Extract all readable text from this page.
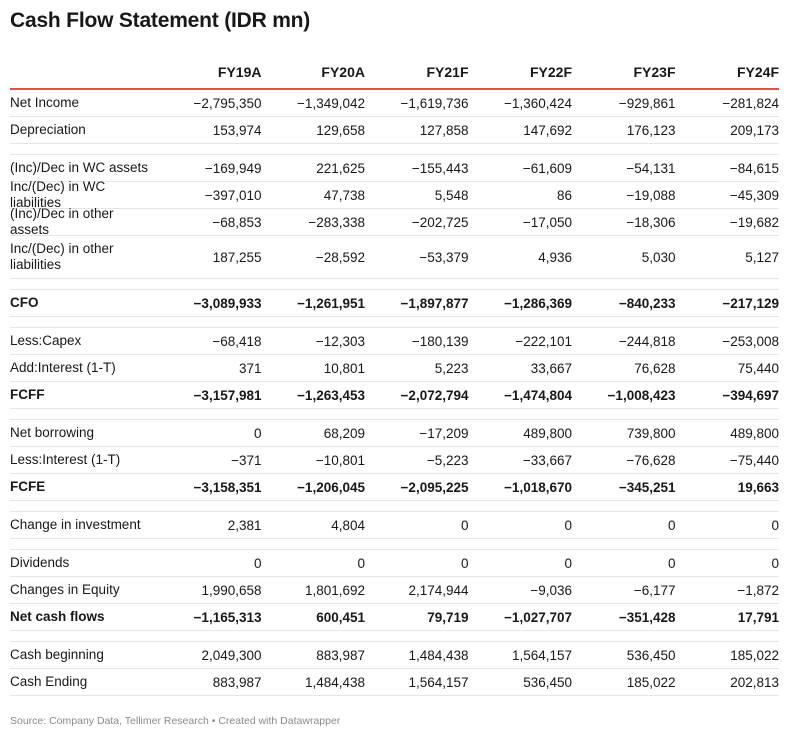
Cash Flow Statement (IDR mn)
FY19A	FY20A	FY21F	FY22F	FY23F	FY24F
Net Income	−2,795,350	−1,349,042	−1,619,736	−1,360,424	−929,861	−281,824
Depreciation	153,974	129,658	127,858	147,692	176,123	209,173
(Inc)/Dec in WC assets	−169,949	221,625	−155,443	−61,609	−54,131	−84,615
Inc/(Dec) in WC liabilities	−397,010	47,738	5,548	86	−19,088	−45,309
(Inc)/Dec in other assets	−68,853	−283,338	−202,725	−17,050	−18,306	−19,682
Inc/(Dec) in other liabilities	187,255	−28,592	−53,379	4,936	5,030	5,127
CFO	−3,089,933	−1,261,951	−1,897,877	−1,286,369	−840,233	−217,129
Less:Capex	−68,418	−12,303	−180,139	−222,101	−244,818	−253,008
Add:Interest (1-T)	371	10,801	5,223	33,667	76,628	75,440
FCFF	−3,157,981	−1,263,453	−2,072,794	−1,474,804	−1,008,423	−394,697
Net borrowing	0	68,209	−17,209	489,800	739,800	489,800
Less:Interest (1-T)	−371	−10,801	−5,223	−33,667	−76,628	−75,440
FCFE	−3,158,351	−1,206,045	−2,095,225	−1,018,670	−345,251	19,663
Change in investment	2,381	4,804	0	0	0	0
Dividends	0	0	0	0	0	0
Changes in Equity	1,990,658	1,801,692	2,174,944	−9,036	−6,177	−1,872
Net cash flows	−1,165,313	600,451	79,719	−1,027,707	−351,428	17,791
Cash beginning	2,049,300	883,987	1,484,438	1,564,157	536,450	185,022
Cash Ending	883,987	1,484,438	1,564,157	536,450	185,022	202,813
Source: Company Data, Tellimer Research • Created with Datawrapper
